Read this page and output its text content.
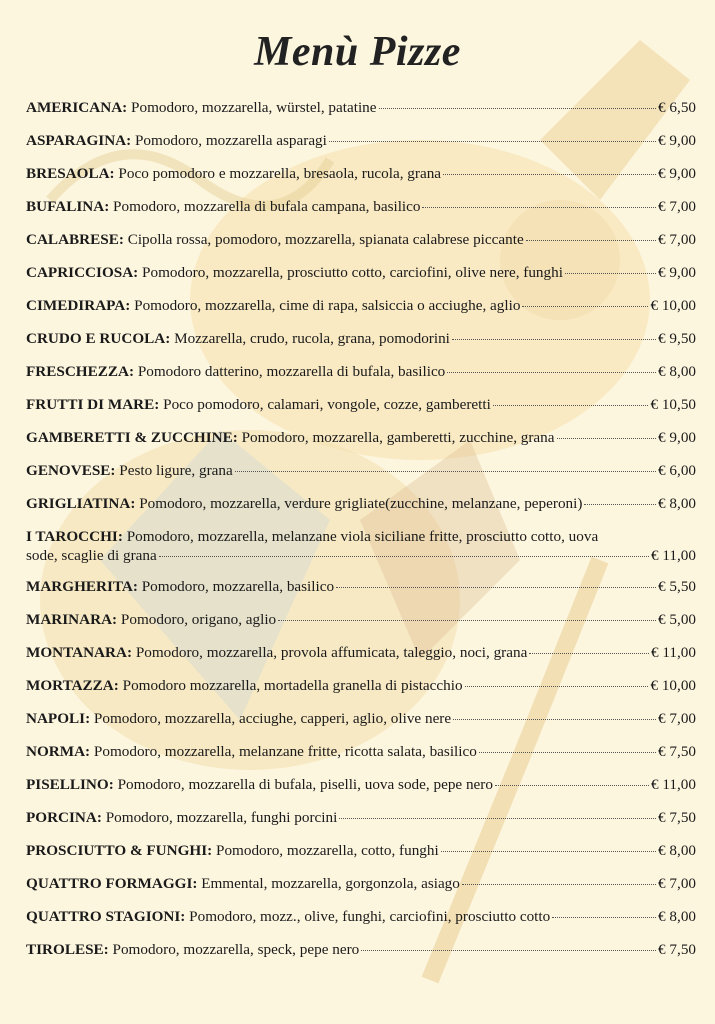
Menù Pizze
AMERICANA: Pomodoro, mozzarella, würstel, patatine	€ 6,50
ASPARAGINA: Pomodoro, mozzarella asparagi	€ 9,00
BRESAOLA: Poco pomodoro e mozzarella, bresaola, rucola, grana	€ 9,00
BUFALINA: Pomodoro, mozzarella di bufala campana, basilico	€ 7,00
CALABRESE: Cipolla rossa, pomodoro, mozzarella, spianata calabrese piccante	€ 7,00
CAPRICCIOSA: Pomodoro, mozzarella, prosciutto cotto, carciofini, olive nere, funghi	€ 9,00
CIMEDIRAPA: Pomodoro, mozzarella, cime di rapa, salsiccia o acciughe, aglio	€ 10,00
CRUDO E RUCOLA: Mozzarella, crudo, rucola, grana, pomodorini	€ 9,50
FRESCHEZZA: Pomodoro datterino, mozzarella di bufala, basilico	€ 8,00
FRUTTI DI MARE: Poco pomodoro, calamari, vongole, cozze, gamberetti	€ 10,50
GAMBERETTI & ZUCCHINE: Pomodoro, mozzarella, gamberetti, zucchine, grana	€ 9,00
GENOVESE: Pesto ligure, grana	€ 6,00
GRIGLIATINA: Pomodoro, mozzarella, verdure grigliate(zucchine, melanzane, peperoni)	€ 8,00
I TAROCCHI: Pomodoro, mozzarella, melanzane viola siciliane fritte, prosciutto cotto, uova
sode, scaglie di grana	€ 11,00
MARGHERITA: Pomodoro, mozzarella, basilico	€ 5,50
MARINARA: Pomodoro, origano, aglio	€ 5,00
MONTANARA: Pomodoro, mozzarella, provola affumicata, taleggio, noci, grana	€ 11,00
MORTAZZA: Pomodoro mozzarella, mortadella granella di pistacchio	€ 10,00
NAPOLI: Pomodoro, mozzarella, acciughe, capperi, aglio, olive nere	€ 7,00
NORMA: Pomodoro, mozzarella, melanzane fritte, ricotta salata, basilico	€ 7,50
PISELLINO: Pomodoro, mozzarella di bufala, piselli, uova sode, pepe nero	€ 11,00
PORCINA: Pomodoro, mozzarella, funghi porcini	€ 7,50
PROSCIUTTO & FUNGHI: Pomodoro, mozzarella, cotto, funghi	€ 8,00
QUATTRO FORMAGGI: Emmental, mozzarella, gorgonzola, asiago	€ 7,00
QUATTRO STAGIONI: Pomodoro, mozz., olive, funghi, carciofini, prosciutto cotto	€ 8,00
TIROLESE: Pomodoro, mozzarella, speck, pepe nero	€ 7,50
